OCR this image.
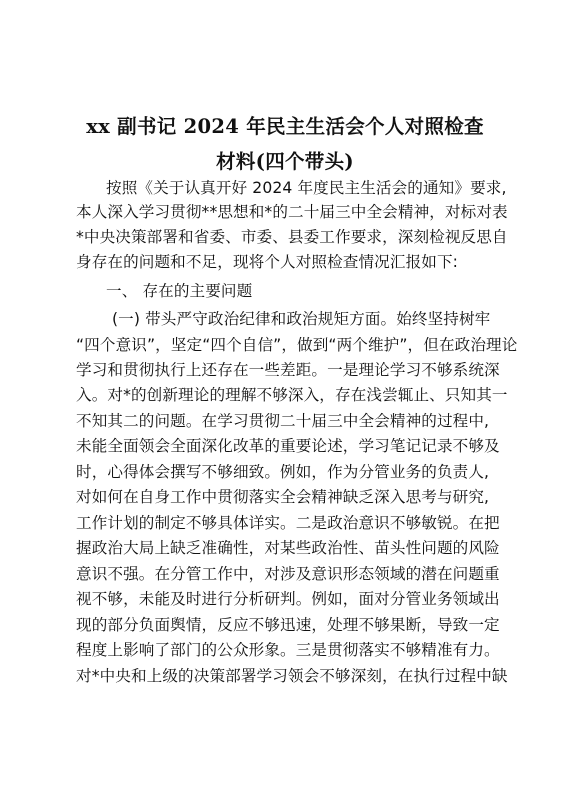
xx 副书记 2024 年民主生活会个人对照检查
材料(四个带头)
按照《关于认真开好 2024 年度民主生活会的通知》要求,
本人深入学习贯彻**思想和*的二十届三中全会精神，对标对表
*中央决策部署和省委、市委、县委工作要求，深刻检视反思自
身存在的问题和不足，现将个人对照检查情况汇报如下:
一、 存在的主要问题
(一) 带头严守政治纪律和政治规矩方面。始终坚持树牢
“四个意识”，坚定“四个自信”，做到“两个维护”，但在政治理论
学习和贯彻执行上还存在一些差距。一是理论学习不够系统深
入。对*的创新理论的理解不够深入，存在浅尝辄止、只知其一
不知其二的问题。在学习贯彻二十届三中全会精神的过程中,
未能全面领会全面深化改革的重要论述，学习笔记记录不够及
时，心得体会撰写不够细致。例如，作为分管业务的负责人,
对如何在自身工作中贯彻落实全会精神缺乏深入思考与研究,
工作计划的制定不够具体详实。二是政治意识不够敏锐。在把
握政治大局上缺乏准确性，对某些政治性、苗头性问题的风险
意识不强。在分管工作中，对涉及意识形态领域的潜在问题重
视不够，未能及时进行分析研判。例如，面对分管业务领域出
现的部分负面舆情，反应不够迅速，处理不够果断，导致一定
程度上影响了部门的公众形象。三是贯彻落实不够精准有力。
对*中央和上级的决策部署学习领会不够深刻，在执行过程中缺
